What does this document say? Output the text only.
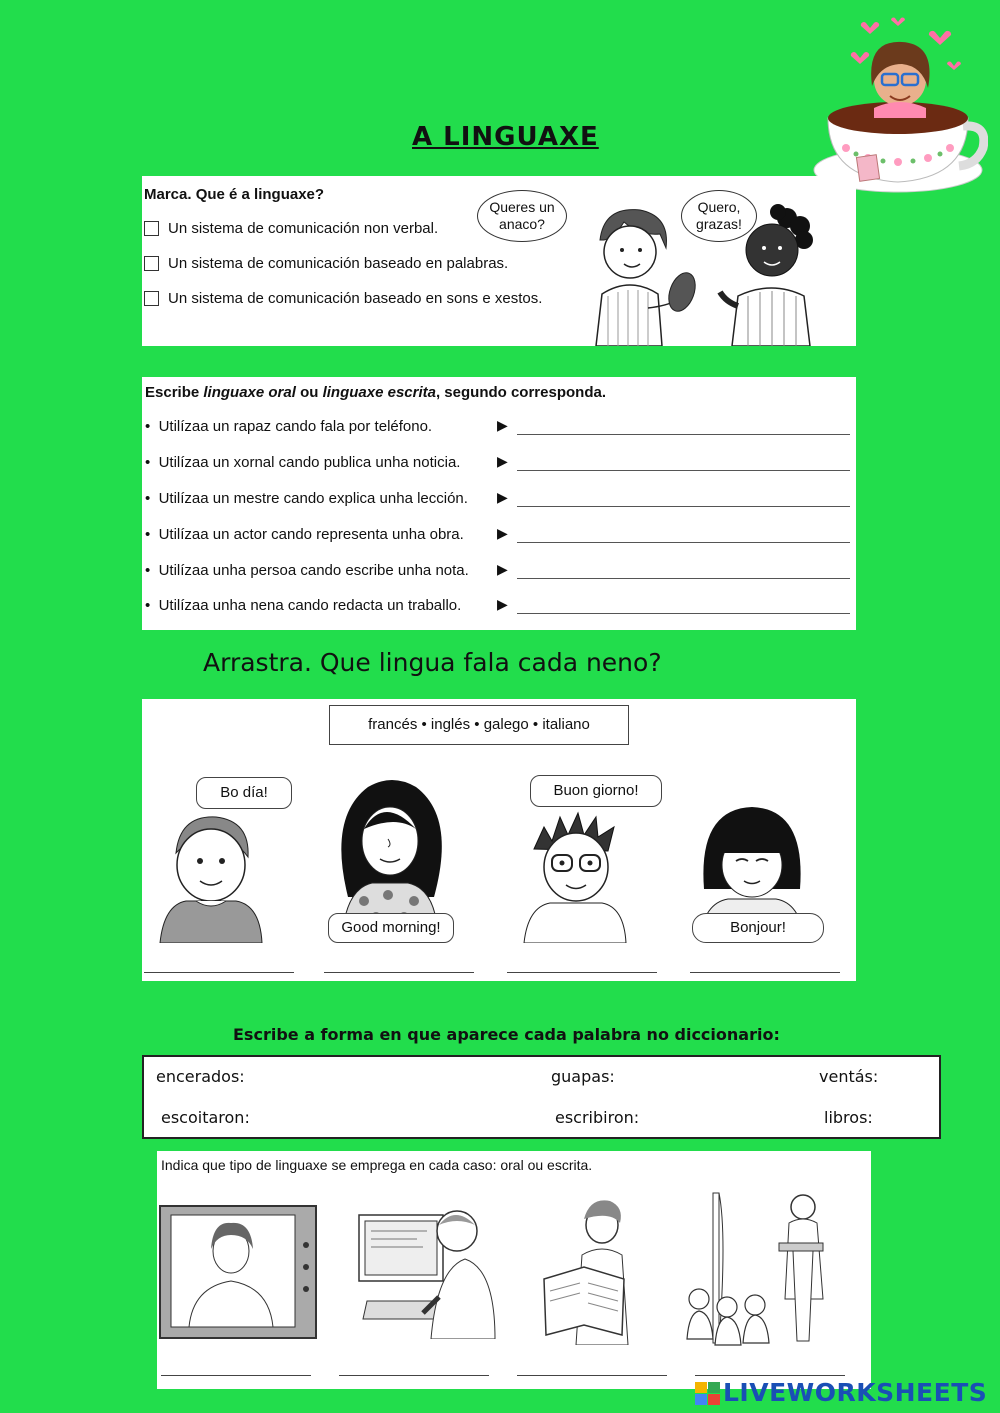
A LINGUAXE
Marca. Que é a linguaxe?
Un sistema de comunicación non verbal.
Un sistema de comunicación baseado en palabras.
Un sistema de comunicación baseado en sons e xestos.
Queres un anaco?
Quero, grazas!
Escribe linguaxe oral ou linguaxe escrita, segundo corresponda.
•  Utilízaa un rapaz cando fala por teléfono.	▶
•  Utilízaa un xornal cando publica unha noticia.	▶
•  Utilízaa un mestre cando explica unha lección. ▶
•  Utilízaa un actor cando representa unha obra. ▶
•  Utilízaa unha persoa cando escribe unha nota. ▶
•  Utilízaa unha nena cando redacta un traballo.	▶
Arrastra. Que lingua fala cada neno?
francés • inglés • galego • italiano
Bo día!
Good morning!
Buon giorno!
Bonjour!
Escribe a forma en que aparece cada palabra no diccionario:
encerados:	guapas:	ventás:
escoitaron:	escribiron:	libros:
Indica que tipo de linguaxe se emprega en cada caso: oral ou escrita.
LIVEWORKSHEETS
